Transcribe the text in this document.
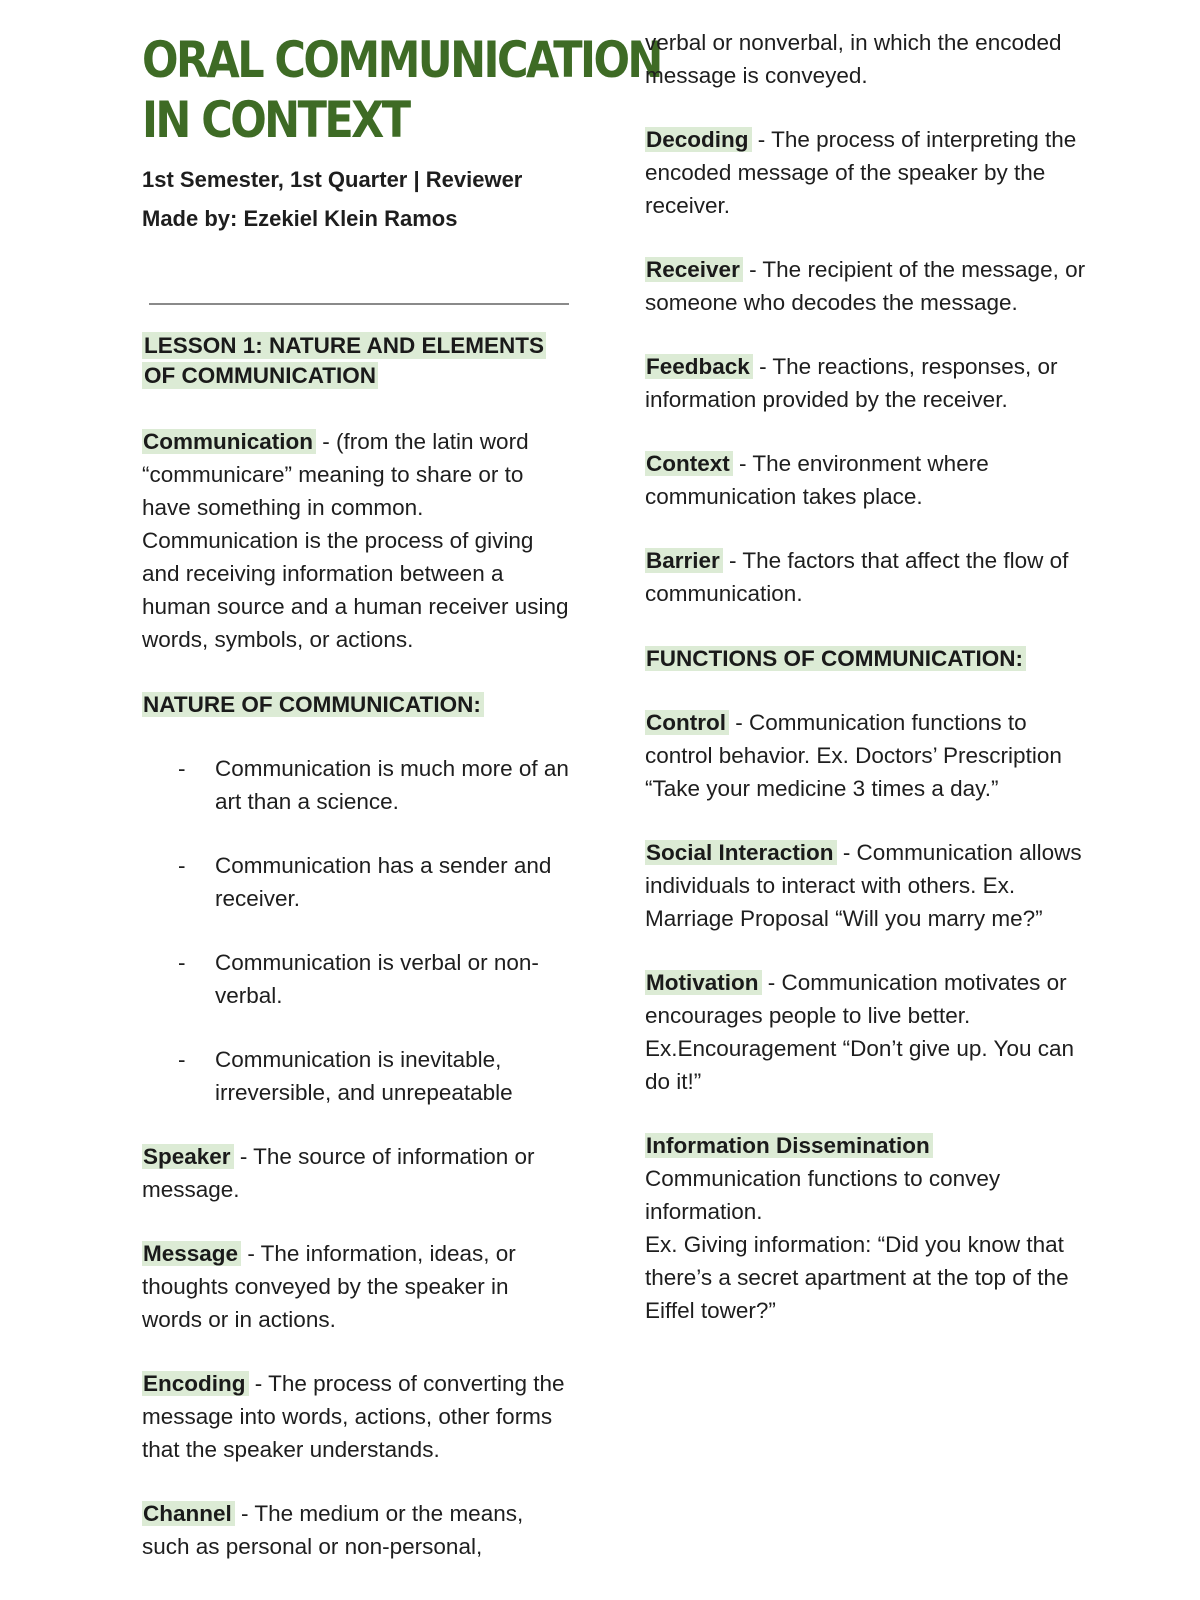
ORAL COMMUNICATION
IN CONTEXT
1st Semester, 1st Quarter | Reviewer
Made by: Ezekiel Klein Ramos
LESSON 1: NATURE AND ELEMENTS
OF COMMUNICATION

Communication - (from the latin word “communicare” meaning to share or to have something in common. Communication is the process of giving and receiving information between a human source and a human receiver using words, symbols, or actions.

NATURE OF COMMUNICATION:
- Communication is much more of an art than a science.
- Communication has a sender and receiver.
- Communication is verbal or non-verbal.
- Communication is inevitable, irreversible, and unrepeatable

Speaker - The source of information or message.

Message - The information, ideas, or thoughts conveyed by the speaker in words or in actions.

Encoding - The process of converting the message into words, actions, other forms that the speaker understands.

Channel - The medium or the means, such as personal or non-personal,

verbal or nonverbal, in which the encoded message is conveyed.

Decoding - The process of interpreting the encoded message of the speaker by the receiver.

Receiver - The recipient of the message, or someone who decodes the message.

Feedback - The reactions, responses, or information provided by the receiver.

Context - The environment where communication takes place.

Barrier - The factors that affect the flow of communication.

FUNCTIONS OF COMMUNICATION:

Control - Communication functions to control behavior. Ex. Doctors’ Prescription “Take your medicine 3 times a day.”

Social Interaction - Communication allows individuals to interact with others. Ex. Marriage Proposal “Will you marry me?”

Motivation - Communication motivates or encourages people to live better. Ex.Encouragement “Don’t give up. You can do it!”

Information Dissemination

Communication functions to convey information.

Ex. Giving information: “Did you know that there’s a secret apartment at the top of the Eiffel tower?”
